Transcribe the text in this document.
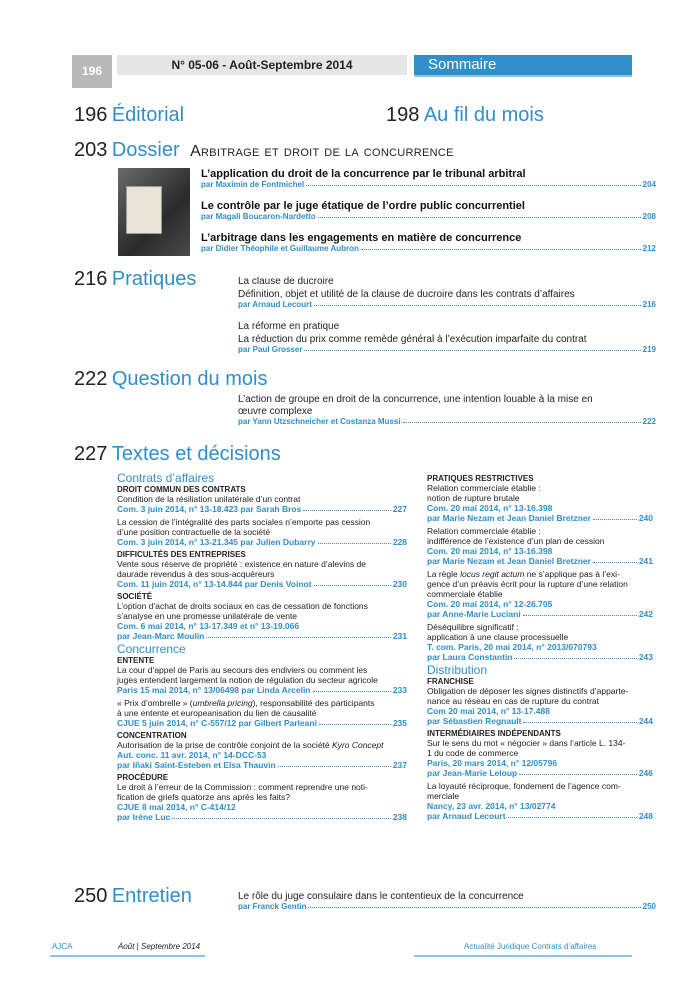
196	N° 05-06 - Août-Septembre 2014	Sommaire
196 Éditorial	198 Au fil du mois
203 Dossier Arbitrage et droit de la concurrence
L’application du droit de la concurrence par le tribunal arbitral
par Maximin de Fontmichel	204
Le contrôle par le juge étatique de l’ordre public concurrentiel
par Magali Boucaron-Nardetto	208
L’arbitrage dans les engagements en matière de concurrence
par Didier Théophile et Guillaume Aubron	212
216 Pratiques	La clause de ducroire
Définition, objet et utilité de la clause de ducroire dans les contrats d’affaires
par Arnaud Lecourt	216
La réforme en pratique
La réduction du prix comme remède général à l’exécution imparfaite du contrat
par Paul Grosser	219
222 Question du mois
L’action de groupe en droit de la concurrence, une intention louable à la mise en
œuvre complexe
par Yann Utzschneicher et Costanza Mussi	222
227 Textes et décisions
Contrats d’affaires
DROIT COMMUN DES CONTRATS
Condition de la résiliation unilatérale d’un contrat
Com. 3 juin 2014, n° 13-18.423 par Sarah Bros	227
La cession de l’intégralité des parts sociales n’emporte pas cession
d’une position contractuelle de la société
Com. 3 juin 2014, n° 13-21.345 par Julien Dubarry	228
DIFFICULTÉS DES ENTREPRISES
Vente sous réserve de propriété : existence en nature d’alevins de
daurade revendus à des sous-acquéreurs
Com. 11 juin 2014, n° 13-14.844 par Denis Voinot	230
SOCIÉTÉ
L’option d’achat de droits sociaux en cas de cessation de fonctions
s’analyse en une promesse unilatérale de vente
Com. 6 mai 2014, n° 13-17.349 et n° 13-19.066
par Jean-Marc Moulin	231
Concurrence
ENTENTE
La cour d’appel de Paris au secours des endiviers ou comment les
juges entendent largement la notion de régulation du secteur agricole
Paris 15 mai 2014, n° 13/06498 par Linda Arcelin	233
« Prix d’ombrelle » (umbrella pricing), responsabilité des participants
à une entente et europeanisation du lien de causalité
CJUE 5 juin 2014, n° C-557/12 par Gilbert Parleani	235
CONCENTRATION
Autorisation de la prise de contrôle conjoint de la société Kyro Concept
Aut. conc. 11 avr. 2014, n° 14-DCC-53
par Iñaki Saint-Esteben et Elsa Thauvin	237
PROCÉDURE
Le droit à l’erreur de la Commission : comment reprendre une noti-
fication de griefs quatorze ans après les faits?
CJUE 8 mai 2014, n° C-414/12
par Irène Luc	238
PRATIQUES RESTRICTIVES
Relation commerciale établie :
notion de rupture brutale
Com. 20 mai 2014, n° 13-16.398
par Marie Nezam et Jean Daniel Bretzner	240
Relation commerciale établie :
indifférence de l’existence d’un plan de cession
Com. 20 mai 2014, n° 13-16.398
par Marie Nezam et Jean Daniel Bretzner	241
La règle locus regit actum ne s’applique pas à l’exi-
gence d’un préavis écrit pour la rupture d’une relation
commerciale établie
Com. 20 mai 2014, n° 12-26.705
par Anne-Marie Luciani	242
Déséquilibre significatif :
application à une clause processuelle
T. com. Paris, 20 mai 2014, n° 2013/070793
par Laura Constantin	243
Distribution
FRANCHISE
Obligation de déposer les signes distinctifs d’apparte-
nance au réseau en cas de rupture du contrat
Com 20 mai 2014, n° 13-17.488
par Sébastien Regnault	244
INTERMÉDIAIRES INDÉPENDANTS
Sur le sens du mot « négocier » dans l’article L. 134-
1 du code de commerce
Paris, 20 mars 2014, n° 12/05796
par Jean-Marie Leloup	246
La loyauté réciproque, fondement de l’agence com-
merciale
Nancy, 23 avr. 2014, n° 13/02774
par Arnaud Lecourt	248
250 Entretien	Le rôle du juge consulaire dans le contentieux de la concurrence
par Franck Gentin	250
AJCA	Août | Septembre 2014	Actualité Juridique Contrats d’affaires
